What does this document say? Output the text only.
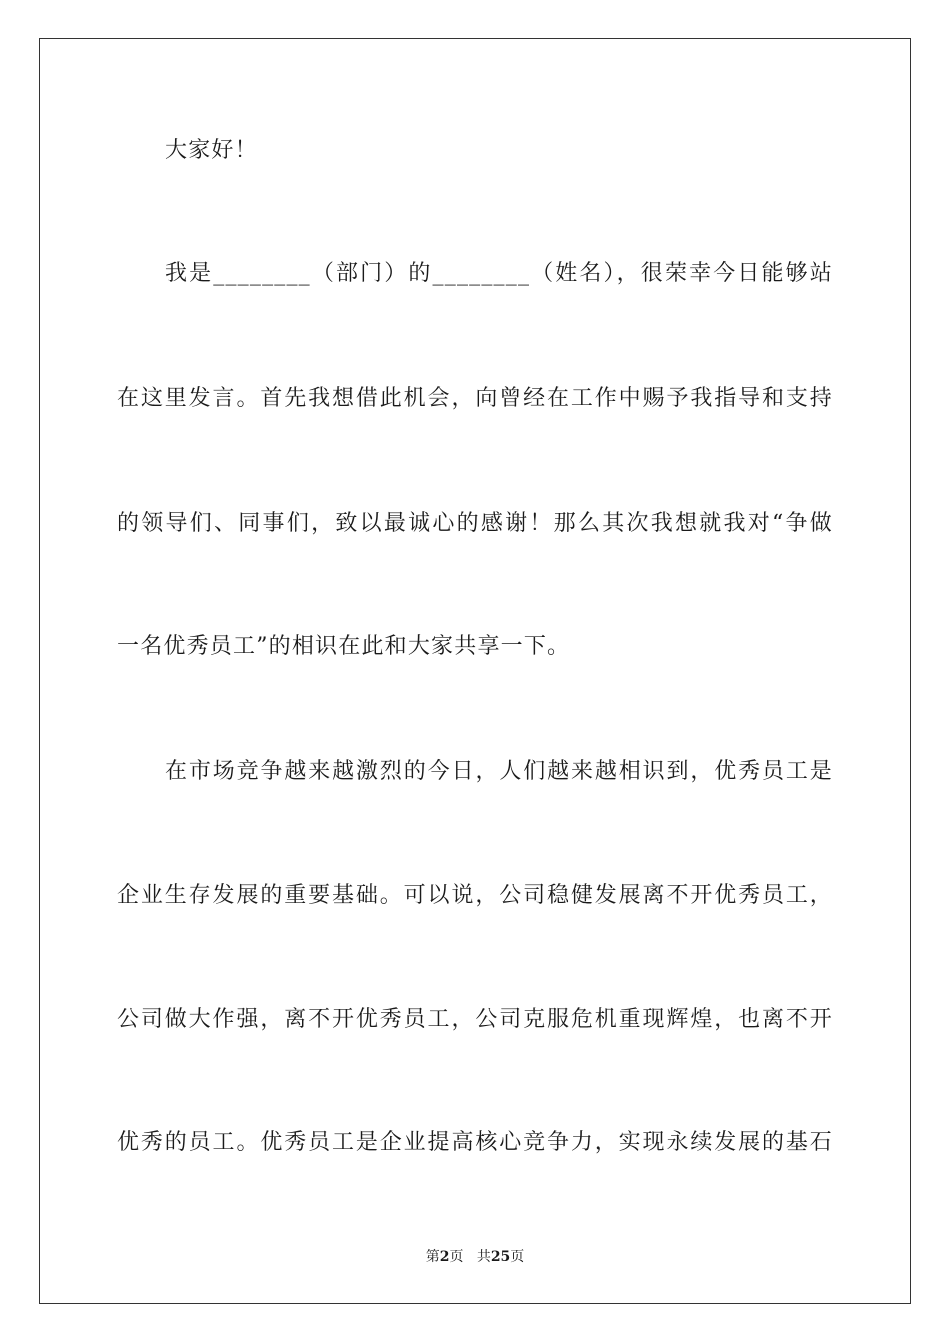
大家好！
我是________（部门）的________（姓名），很荣幸今日能够站
在这里发言。首先我想借此机会，向曾经在工作中赐予我指导和支持
的领导们、同事们，致以最诚心的感谢！那么其次我想就我对“争做
一名优秀员工”的相识在此和大家共享一下。
在市场竞争越来越激烈的今日，人们越来越相识到，优秀员工是
企业生存发展的重要基础。可以说，公司稳健发展离不开优秀员工，
公司做大作强，离不开优秀员工，公司克服危机重现辉煌，也离不开
优秀的员工。优秀员工是企业提高核心竞争力，实现永续发展的基石
第2页 共25页
